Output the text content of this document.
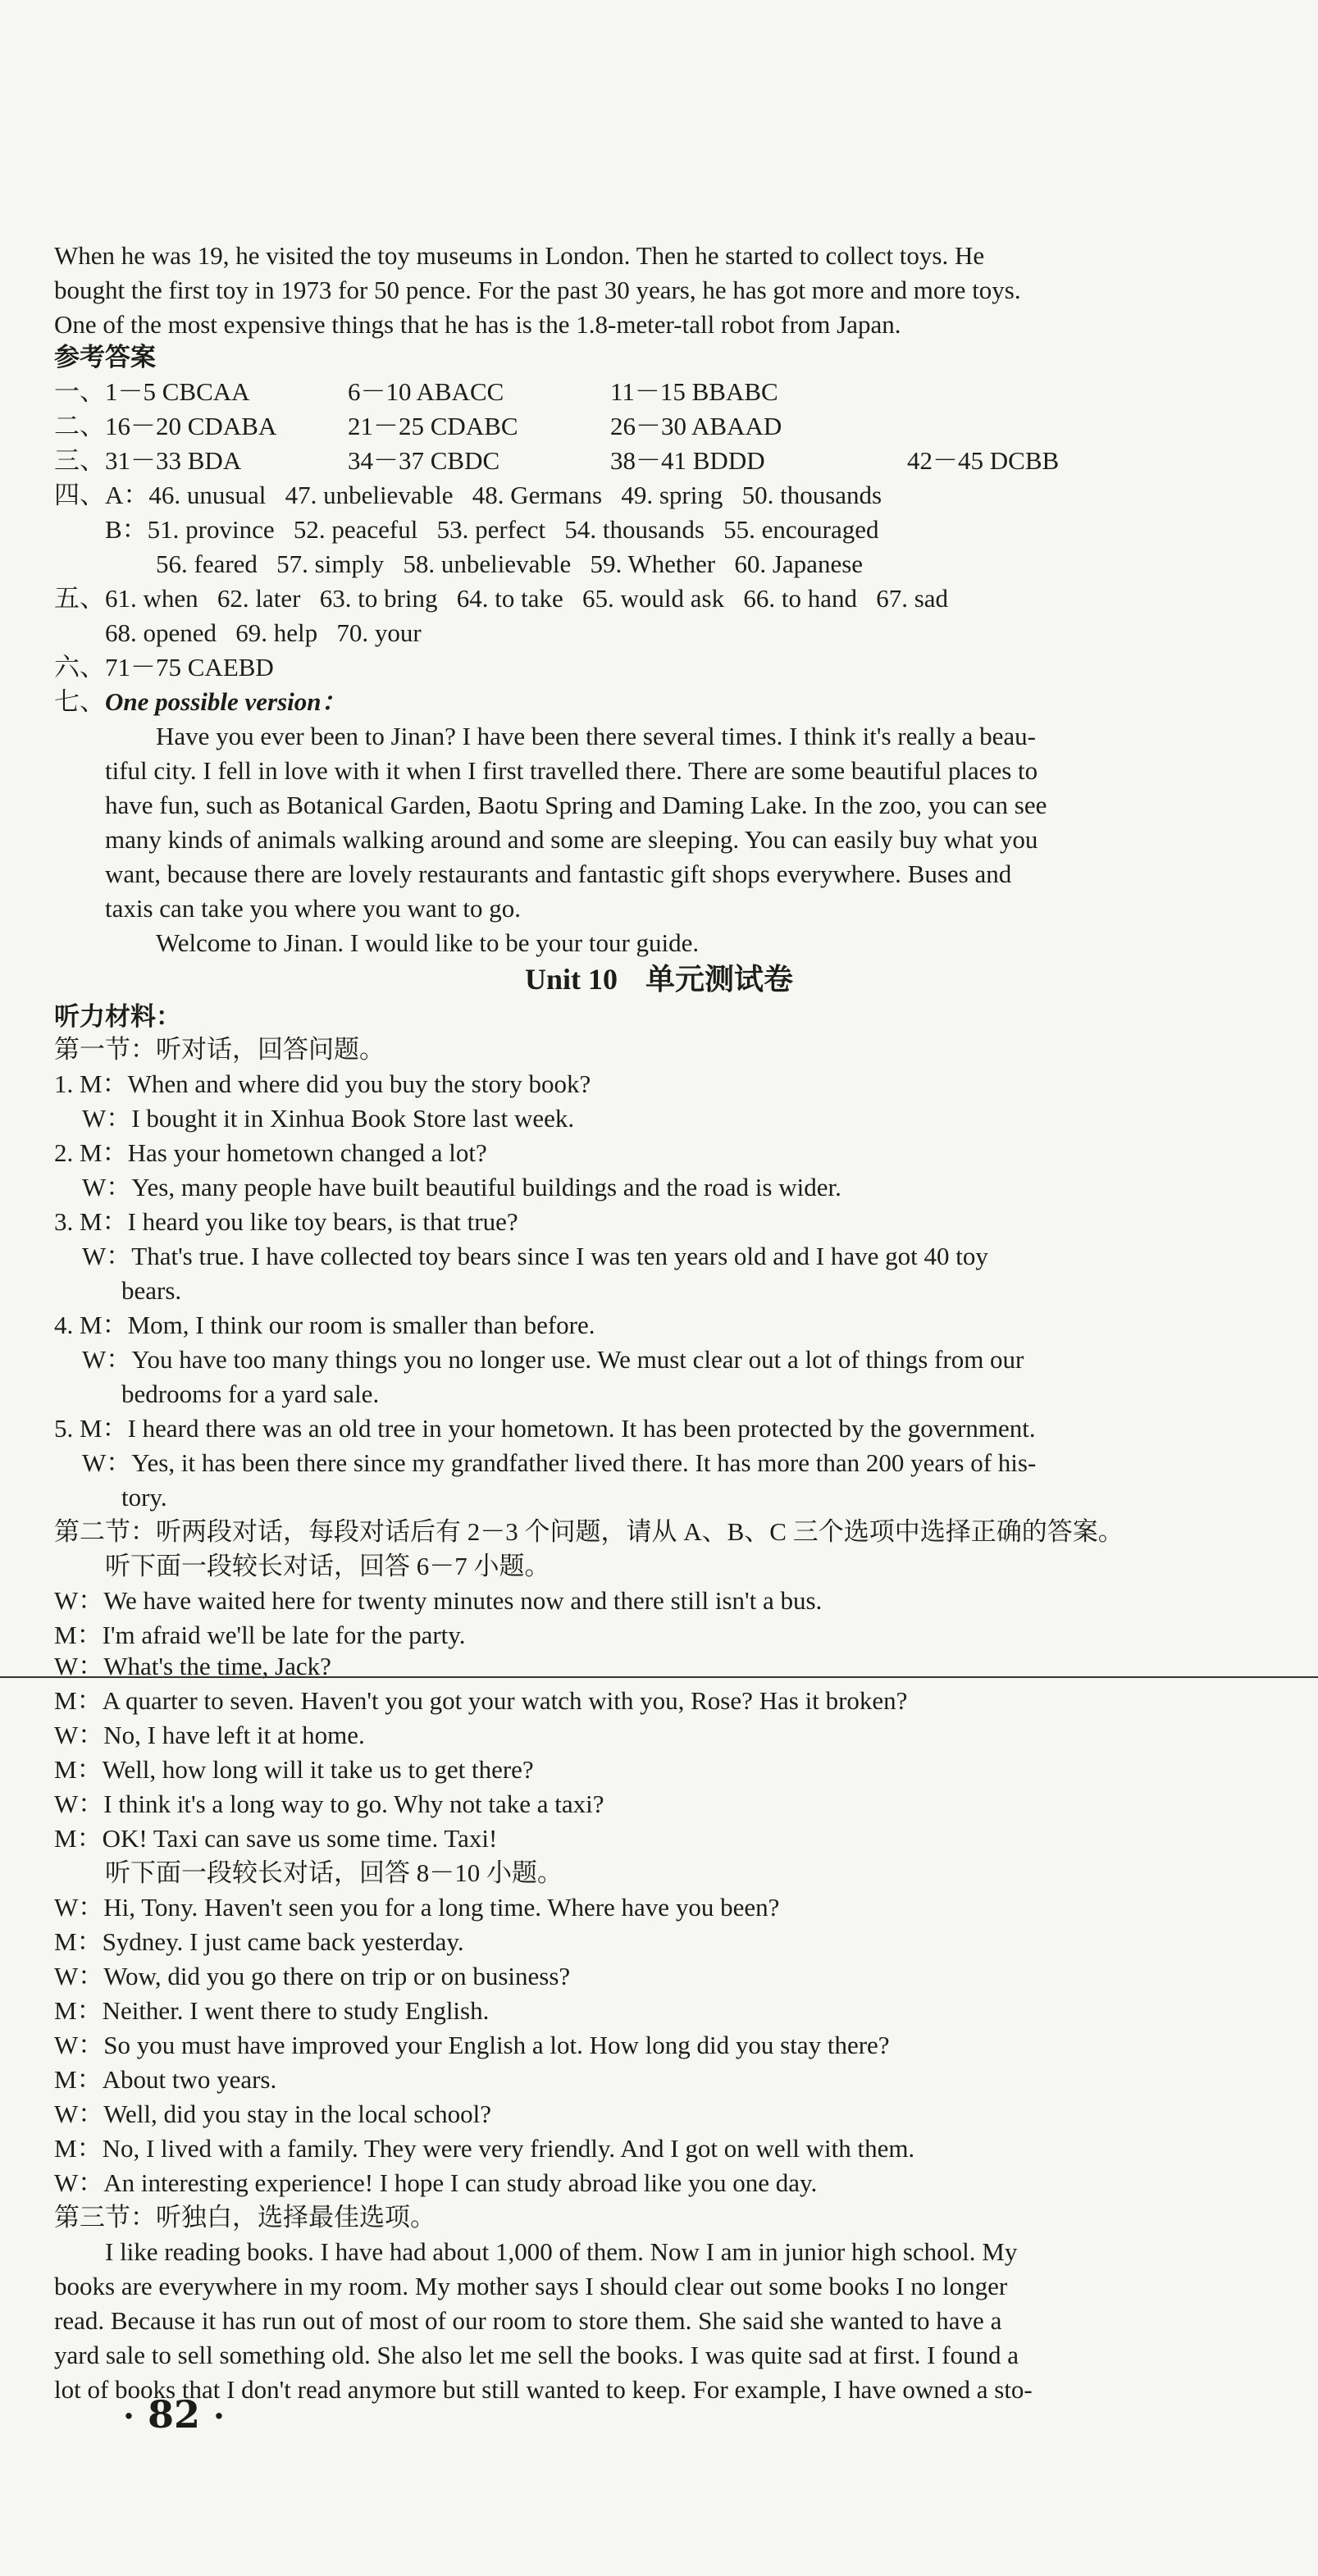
When he was 19, he visited the toy museums in London. Then he started to collect toys. He
bought the first toy in 1973 for 50 pence. For the past 30 years, he has got more and more toys.
One of the most expensive things that he has is the 1.8-meter-tall robot from Japan.
参考答案
一、1－5 CBCAA	6－10 ABACC	11－15 BBABC
二、16－20 CDABA	21－25 CDABC	26－30 ABAAD
三、31－33 BDA	34－37 CBDC	38－41 BDDD	42－45 DCBB
四、A：46. unusual   47. unbelievable   48. Germans   49. spring   50. thousands
B：51. province   52. peaceful   53. perfect   54. thousands   55. encouraged
56. feared   57. simply   58. unbelievable   59. Whether   60. Japanese
五、61. when   62. later   63. to bring   64. to take   65. would ask   66. to hand   67. sad
68. opened   69. help   70. your
六、71－75 CAEBD
七、One possible version：
Have you ever been to Jinan? I have been there several times. I think it's really a beau-
tiful city. I fell in love with it when I first travelled there. There are some beautiful places to
have fun, such as Botanical Garden, Baotu Spring and Daming Lake. In the zoo, you can see
many kinds of animals walking around and some are sleeping. You can easily buy what you
want, because there are lovely restaurants and fantastic gift shops everywhere. Buses and
taxis can take you where you want to go.
Welcome to Jinan. I would like to be your tour guide.
Unit 10 单元测试卷
听力材料：
第一节：听对话，回答问题。
1. M：When and where did you buy the story book?
W：I bought it in Xinhua Book Store last week.
2. M：Has your hometown changed a lot?
W：Yes, many people have built beautiful buildings and the road is wider.
3. M：I heard you like toy bears, is that true?
W：That's true. I have collected toy bears since I was ten years old and I have got 40 toy
bears.
4. M：Mom, I think our room is smaller than before.
W：You have too many things you no longer use. We must clear out a lot of things from our
bedrooms for a yard sale.
5. M：I heard there was an old tree in your hometown. It has been protected by the government.
W：Yes, it has been there since my grandfather lived there. It has more than 200 years of his-
tory.
第二节：听两段对话，每段对话后有 2－3 个问题，请从 A、B、C 三个选项中选择正确的答案。
听下面一段较长对话，回答 6－7 小题。
W：We have waited here for twenty minutes now and there still isn't a bus.
M：I'm afraid we'll be late for the party.
W：What's the time, Jack?
M：A quarter to seven. Haven't you got your watch with you, Rose? Has it broken?
W：No, I have left it at home.
M：Well, how long will it take us to get there?
W：I think it's a long way to go. Why not take a taxi?
M：OK! Taxi can save us some time. Taxi!
听下面一段较长对话，回答 8－10 小题。
W：Hi, Tony. Haven't seen you for a long time. Where have you been?
M：Sydney. I just came back yesterday.
W：Wow, did you go there on trip or on business?
M：Neither. I went there to study English.
W：So you must have improved your English a lot. How long did you stay there?
M：About two years.
W：Well, did you stay in the local school?
M：No, I lived with a family. They were very friendly. And I got on well with them.
W：An interesting experience! I hope I can study abroad like you one day.
第三节：听独白，选择最佳选项。
I like reading books. I have had about 1,000 of them. Now I am in junior high school. My
books are everywhere in my room. My mother says I should clear out some books I no longer
read. Because it has run out of most of our room to store them. She said she wanted to have a
yard sale to sell something old. She also let me sell the books. I was quite sad at first. I found a
lot of books that I don't read anymore but still wanted to keep. For example, I have owned a sto-
· 82 ·
